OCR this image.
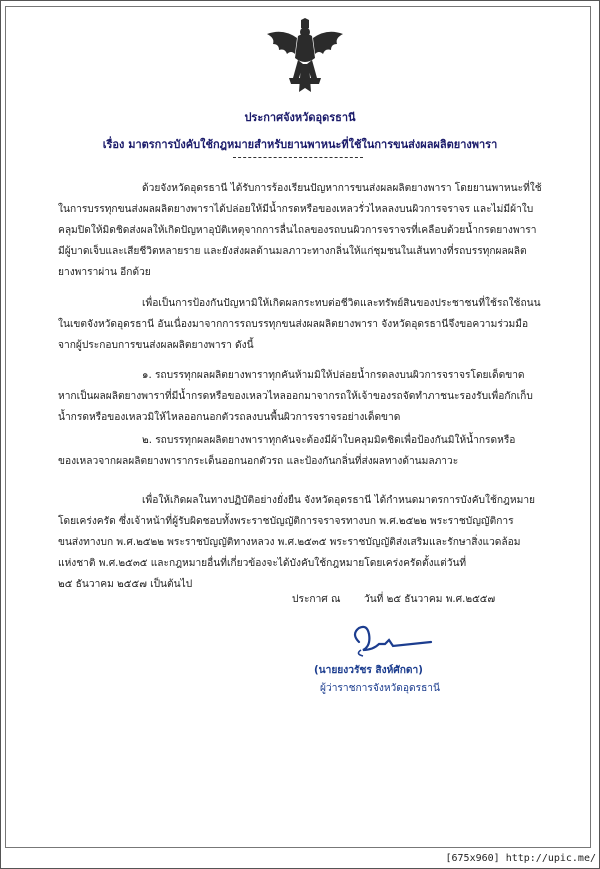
ประกาศจังหวัดอุดรธานี
เรื่อง มาตรการบังคับใช้กฎหมายสำหรับยานพาหนะที่ใช้ในการขนส่งผลผลิตยางพารา
ด้วยจังหวัดอุดรธานี ได้รับการร้องเรียนปัญหาการขนส่งผลผลิตยางพารา โดยยานพาหนะที่ใช้
ในการบรรทุกขนส่งผลผลิตยางพาราได้ปล่อยให้มีน้ำกรดหรือของเหลวรั่วไหลลงบนผิวการจราจร และไม่มีผ้าใบ
คลุมปิดให้มิดชิดส่งผลให้เกิดปัญหาอุบัติเหตุจากการลื่นไถลของรถบนผิวการจราจรที่เคลือบด้วยน้ำกรดยางพารา
มีผู้บาดเจ็บและเสียชีวิตหลายราย และยังส่งผลด้านมลภาวะทางกลิ่นให้แก่ชุมชนในเส้นทางที่รถบรรทุกผลผลิต
ยางพาราผ่าน อีกด้วย
เพื่อเป็นการป้องกันปัญหามิให้เกิดผลกระทบต่อชีวิตและทรัพย์สินของประชาชนที่ใช้รถใช้ถนน
ในเขตจังหวัดอุดรธานี อันเนื่องมาจากการรถบรรทุกขนส่งผลผลิตยางพารา จังหวัดอุดรธานีจึงขอความร่วมมือ
จากผู้ประกอบการขนส่งผลผลิตยางพารา ดังนี้
๑. รถบรรทุกผลผลิตยางพาราทุกคันห้ามมิให้ปล่อยน้ำกรดลงบนผิวการจราจรโดยเด็ดขาด
หากเป็นผลผลิตยางพาราที่มีน้ำกรดหรือของเหลวไหลออกมาจากรถให้เจ้าของรถจัดทำภาชนะรองรับเพื่อกักเก็บ
น้ำกรดหรือของเหลวมิให้ไหลออกนอกตัวรถลงบนพื้นผิวการจราจรอย่างเด็ดขาด
๒. รถบรรทุกผลผลิตยางพาราทุกคันจะต้องมีผ้าใบคลุมมิดชิดเพื่อป้องกันมิให้น้ำกรดหรือ
ของเหลวจากผลผลิตยางพารากระเด็นออกนอกตัวรถ และป้องกันกลิ่นที่ส่งผลทางด้านมลภาวะ
เพื่อให้เกิดผลในทางปฏิบัติอย่างยั่งยืน จังหวัดอุดรธานี ได้กำหนดมาตรการบังคับใช้กฎหมาย
โดยเคร่งครัด ซึ่งเจ้าหน้าที่ผู้รับผิดชอบทั้งพระราชบัญญัติการจราจรทางบก พ.ศ.๒๕๒๒ พระราชบัญญัติการ
ขนส่งทางบก พ.ศ.๒๕๒๒ พระราชบัญญัติทางหลวง พ.ศ.๒๕๓๕ พระราชบัญญัติส่งเสริมและรักษาสิ่งแวดล้อม
แห่งชาติ พ.ศ.๒๕๓๕ และกฎหมายอื่นที่เกี่ยวข้องจะได้บังคับใช้กฎหมายโดยเคร่งครัดตั้งแต่วันที่
๒๕ ธันวาคม ๒๕๕๗ เป็นต้นไป
ประกาศ ณ วันที่ ๒๕ ธันวาคม พ.ศ.๒๕๕๗
(นายยงวรัชร สิงห์ศักดา)
ผู้ว่าราชการจังหวัดอุดรธานี
[675x960] http://upic.me/
